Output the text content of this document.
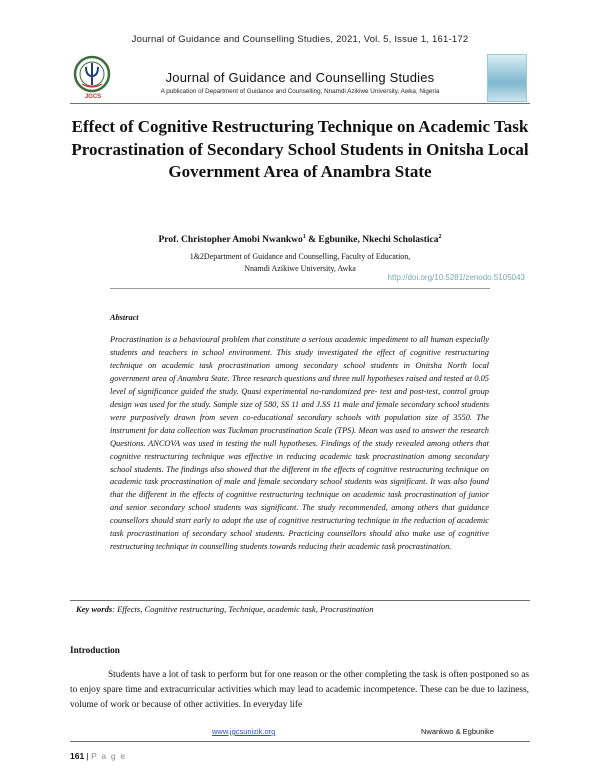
Journal of Guidance and Counselling Studies, 2021, Vol. 5, Issue 1, 161-172
JGCS
Journal of Guidance and Counselling Studies
A publication of Department of Guidance and Counselling, Nnamdi Azikiwe University, Awka, Nigeria
Effect of Cognitive Restructuring Technique on Academic Task Procrastination of Secondary School Students in Onitsha Local Government Area of Anambra State
Prof. Christopher Amobi Nwankwo$^1$ & Egbunike, Nkechi Scholastica$^2$
1&2Department of Guidance and Counselling, Faculty of Education,
Nnamdi Azikiwe University, Awka
http://doi.org/10.5281/zenodo.5105043
Abstract

Procrastination is a behavioural problem that constitute a serious academic impediment to all human especially students and teachers in school environment. This study investigated the effect of cognitive restructuring technique on academic task procrastination among secondary school students in Onitsha North local government area of Anambra State. Three research questions and three null hypotheses raised and tested at 0.05 level of significance guided the study. Quasi experimental no-randomized pre- test and post-test, control group design was used for the study. Sample size of 580, SS 11 and J.SS 11 male and female secondary school students were purposively drawn from seven co-educational secondary schools with population size of 3550. The instrument for data collection was Tuckman procrastination Scale (TPS). Mean was used to answer the research Questions. ANCOVA was used in testing the null hypotheses. Findings of the study revealed among others that cognitive restructuring technique was effective in reducing academic task procrastination among secondary school students. The findings also showed that the different in the effects of cognitive restructuring technique on academic task procrastination of male and female secondary school students was significant. It was also found that the different in the effects of cognitive restructuring technique on academic task procrastination of junior and senior secondary school students was significant. The study recommended, among others that guidance counsellors should start early to adopt the use of cognitive restructuring technique in the reduction of academic task procrastination of secondary school students. Practicing counsellors should also make use of cognitive restructuring technique in counselling students towards reducing their academic task procrastination.

Key words: Effects, Cognitive restructuring, Technique, academic task, Procrastination
Introduction
Students have a lot of task to perform but for one reason or the other completing the task is often postponed so as to enjoy spare time and extracurricular activities which may lead to academic incompetence. These can be due to laziness, volume of work or because of other activities. In everyday life
www.jgcsunizik.org	Nwankwo & Egbunike
161 | P a g e
